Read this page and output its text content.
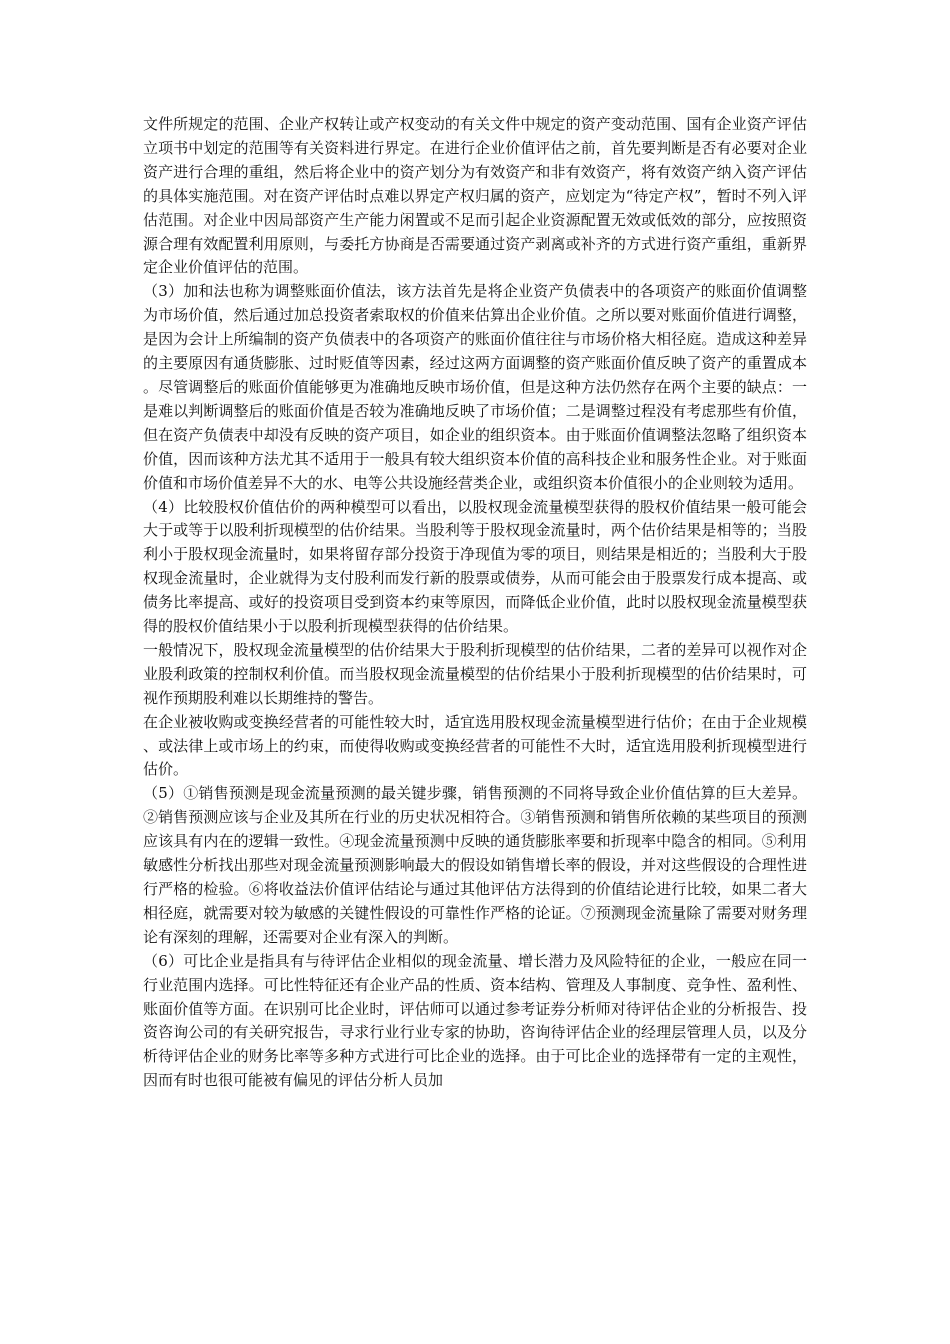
文件所规定的范围、企业产权转让或产权变动的有关文件中规定的资产变动范围、国有企业资产评估立项书中划定的范围等有关资料进行界定。在进行企业价值评估之前，首先要判断是否有必要对企业资产进行合理的重组，然后将企业中的资产划分为有效资产和非有效资产，将有效资产纳入资产评估的具体实施范围。对在资产评估时点难以界定产权归属的资产，应划定为“待定产权”，暂时不列入评估范围。对企业中因局部资产生产能力闲置或不足而引起企业资源配置无效或低效的部分，应按照资源合理有效配置利用原则，与委托方协商是否需要通过资产剥离或补齐的方式进行资产重组，重新界定企业价值评估的范围。

（3）加和法也称为调整账面价值法，该方法首先是将企业资产负债表中的各项资产的账面价值调整为市场价值，然后通过加总投资者索取权的价值来估算出企业价值。之所以要对账面价值进行调整，是因为会计上所编制的资产负债表中的各项资产的账面价值往往与市场价格大相径庭。造成这种差异的主要原因有通货膨胀、过时贬值等因素，经过这两方面调整的资产账面价值反映了资产的重置成本。尽管调整后的账面价值能够更为准确地反映市场价值，但是这种方法仍然存在两个主要的缺点：一是难以判断调整后的账面价值是否较为准确地反映了市场价值；二是调整过程没有考虑那些有价值，但在资产负债表中却没有反映的资产项目，如企业的组织资本。由于账面价值调整法忽略了组织资本价值，因而该种方法尤其不适用于一般具有较大组织资本价值的高科技企业和服务性企业。对于账面价值和市场价值差异不大的水、电等公共设施经营类企业，或组织资本价值很小的企业则较为适用。

（4）比较股权价值估价的两种模型可以看出，以股权现金流量模型获得的股权价值结果一般可能会大于或等于以股利折现模型的估价结果。当股利等于股权现金流量时，两个估价结果是相等的；当股利小于股权现金流量时，如果将留存部分投资于净现值为零的项目，则结果是相近的；当股利大于股权现金流量时，企业就得为支付股利而发行新的股票或债券，从而可能会由于股票发行成本提高、或债务比率提高、或好的投资项目受到资本约束等原因，而降低企业价值，此时以股权现金流量模型获得的股权价值结果小于以股利折现模型获得的估价结果。

一般情况下，股权现金流量模型的估价结果大于股利折现模型的估价结果，二者的差异可以视作对企业股利政策的控制权利价值。而当股权现金流量模型的估价结果小于股利折现模型的估价结果时，可视作预期股利难以长期维持的警告。

在企业被收购或变换经营者的可能性较大时，适宜选用股权现金流量模型进行估价；在由于企业规模、或法律上或市场上的约束，而使得收购或变换经营者的可能性不大时，适宜选用股利折现模型进行估价。

（5）①销售预测是现金流量预测的最关键步骤，销售预测的不同将导致企业价值估算的巨大差异。②销售预测应该与企业及其所在行业的历史状况相符合。③销售预测和销售所依赖的某些项目的预测应该具有内在的逻辑一致性。④现金流量预测中反映的通货膨胀率要和折现率中隐含的相同。⑤利用敏感性分析找出那些对现金流量预测影响最大的假设如销售增长率的假设，并对这些假设的合理性进行严格的检验。⑥将收益法价值评估结论与通过其他评估方法得到的价值结论进行比较，如果二者大相径庭，就需要对较为敏感的关键性假设的可靠性作严格的论证。⑦预测现金流量除了需要对财务理论有深刻的理解，还需要对企业有深入的判断。

（6）可比企业是指具有与待评估企业相似的现金流量、增长潜力及风险特征的企业，一般应在同一行业范围内选择。可比性特征还有企业产品的性质、资本结构、管理及人事制度、竞争性、盈利性、账面价值等方面。在识别可比企业时，评估师可以通过参考证券分析师对待评估企业的分析报告、投资咨询公司的有关研究报告，寻求行业行业专家的协助，咨询待评估企业的经理层管理人员，以及分析待评估企业的财务比率等多种方式进行可比企业的选择。由于可比企业的选择带有一定的主观性，因而有时也很可能被有偏见的评估分析人员加
